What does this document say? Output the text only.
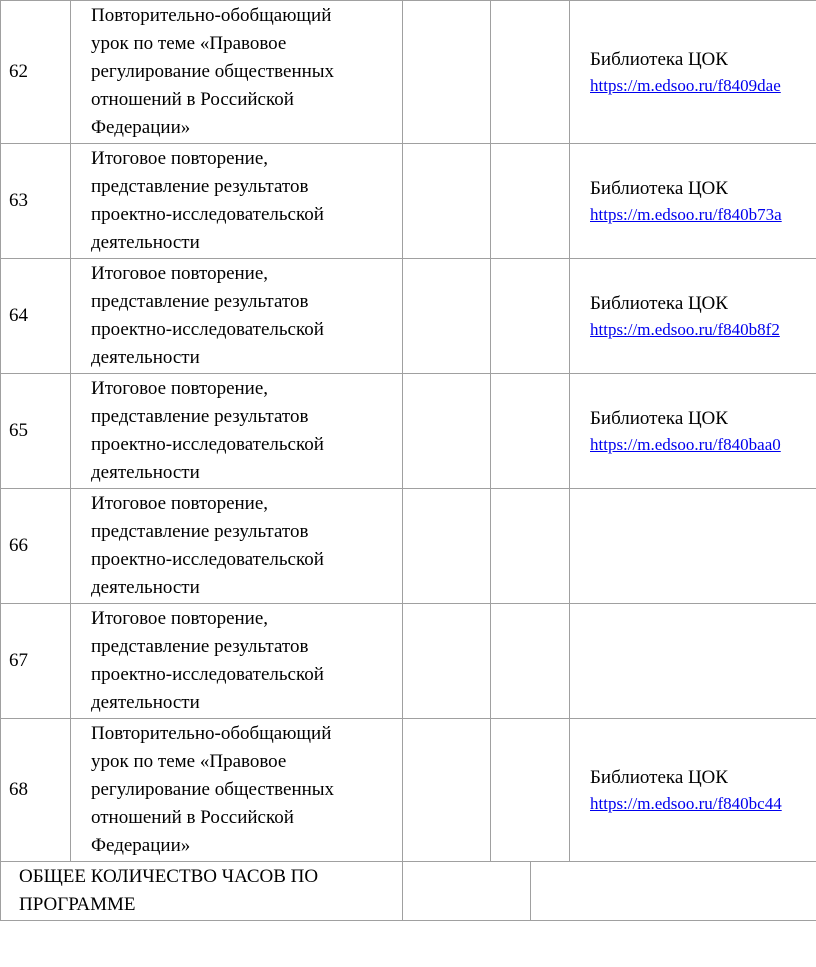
62	Повторительно-обобщающий
урок по теме «Правовое
регулирование общественных
отношений в Российской
Федерации»			Библиотека ЦОК
https://m.edsoo.ru/f8409dae

63	Итоговое повторение,
представление результатов
проектно-исследовательской
деятельности			Библиотека ЦОК
https://m.edsoo.ru/f840b73a

64	Итоговое повторение,
представление результатов
проектно-исследовательской
деятельности			Библиотека ЦОК
https://m.edsoo.ru/f840b8f2

65	Итоговое повторение,
представление результатов
проектно-исследовательской
деятельности			Библиотека ЦОК
https://m.edsoo.ru/f840baa0

66	Итоговое повторение,
представление результатов
проектно-исследовательской
деятельности			

67	Итоговое повторение,
представление результатов
проектно-исследовательской
деятельности			

68	Повторительно-обобщающий
урок по теме «Правовое
регулирование общественных
отношений в Российской
Федерации»			Библиотека ЦОК
https://m.edsoo.ru/f840bc44
ОБЩЕЕ КОЛИЧЕСТВО ЧАСОВ ПО
ПРОГРАММЕ
